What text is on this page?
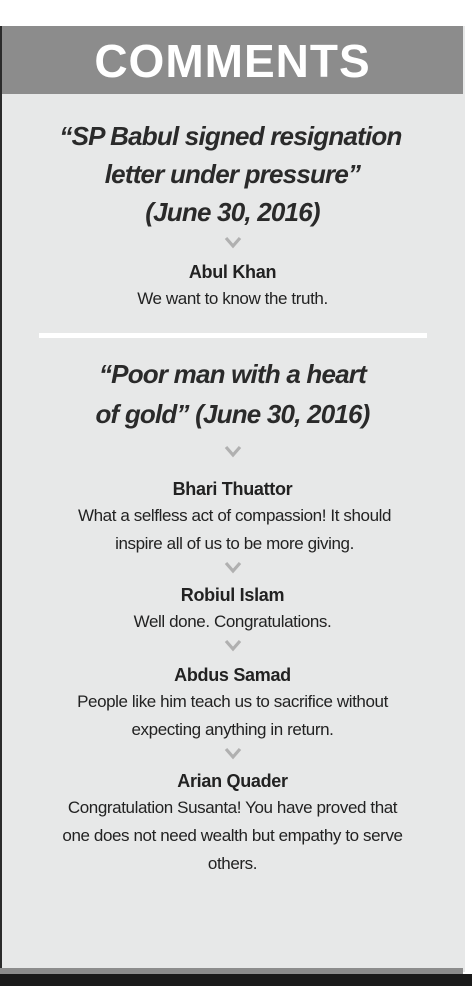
COMMENTS

“SP Babul signed resignation
letter under pressure”
(June 30, 2016)

Abul Khan
We want to know the truth.

“Poor man with a heart
of gold” (June 30, 2016)

Bhari Thuattor
What a selfless act of compassion! It should
inspire all of us to be more giving.
Robiul Islam
Well done. Congratulations.
Abdus Samad
People like him teach us to sacrifice without
expecting anything in return.
Arian Quader
Congratulation Susanta! You have proved that
one does not need wealth but empathy to serve
others.
